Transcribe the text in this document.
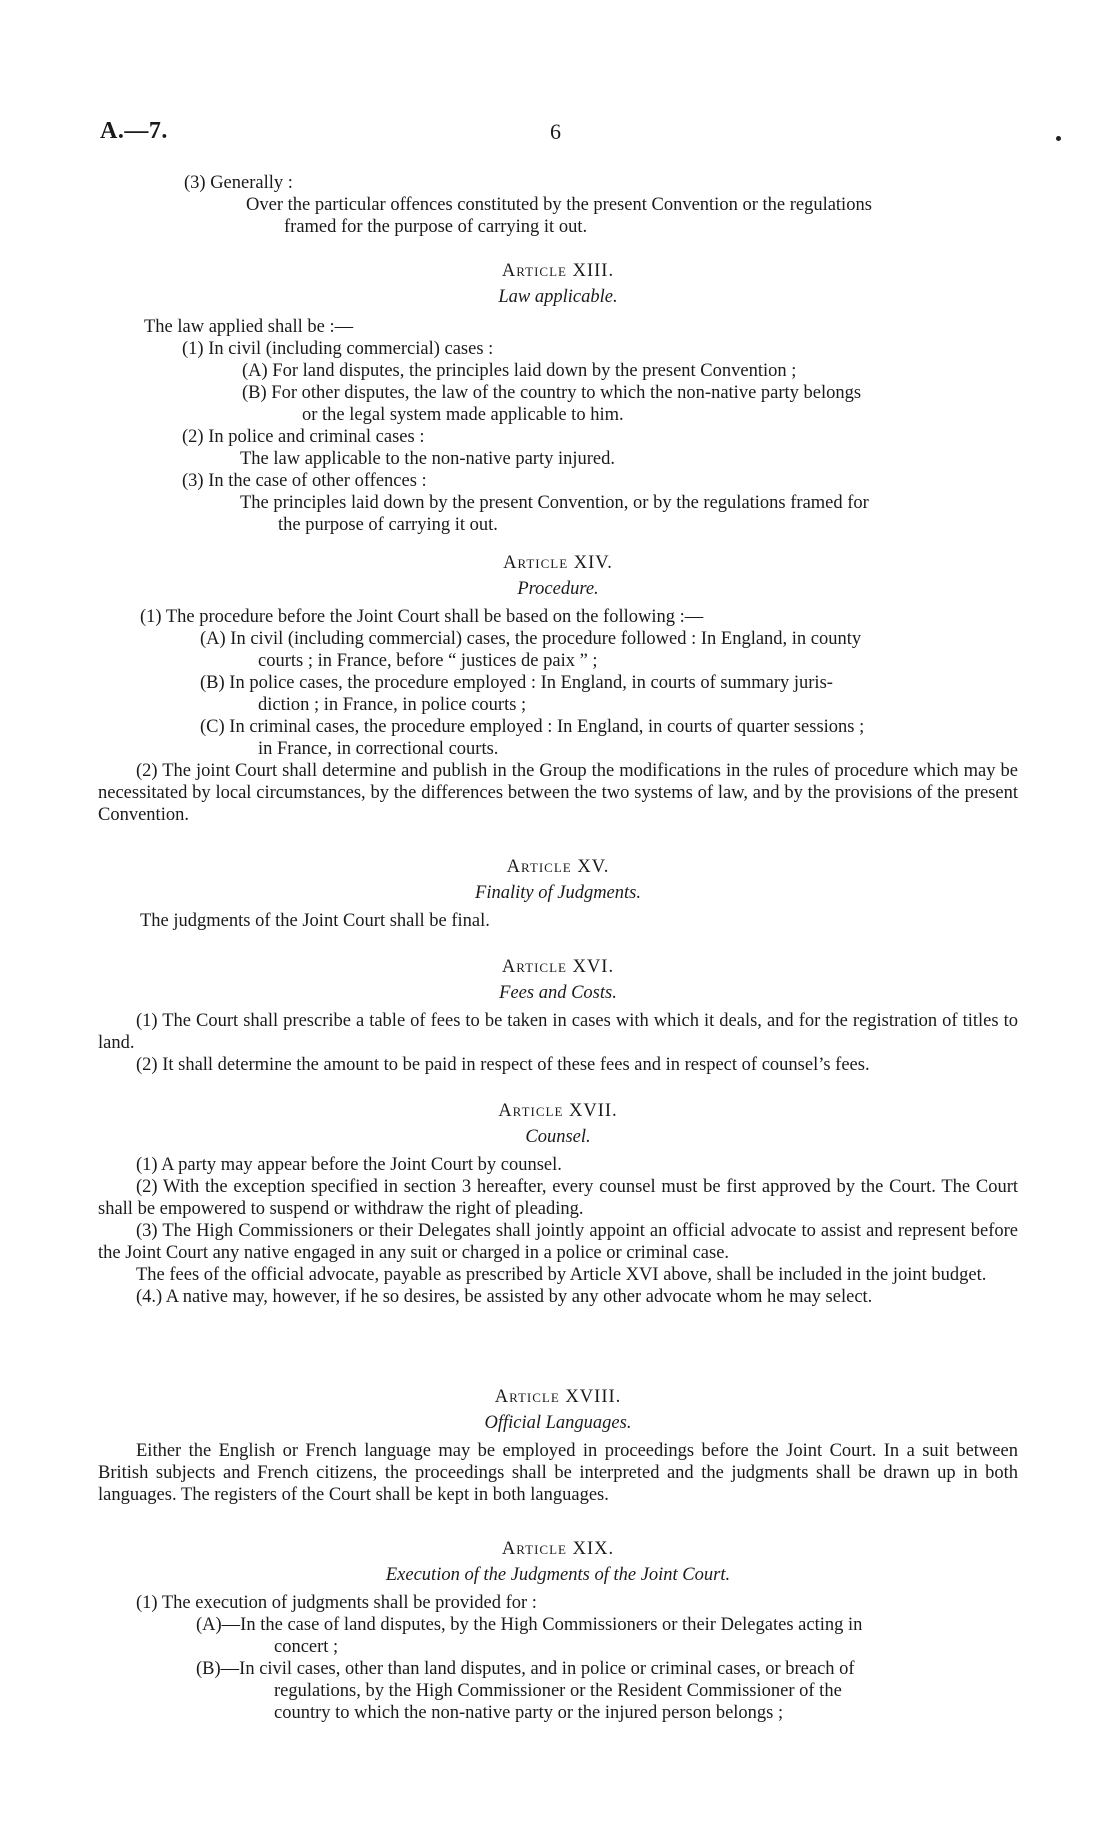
A.—7.	6
(3) Generally :
Over the particular offences constituted by the present Convention or the regulations
framed for the purpose of carrying it out.
Article XIII.
Law applicable.
The law applied shall be :—
(1) In civil (including commercial) cases :
(A) For land disputes, the principles laid down by the present Convention ;
(B) For other disputes, the law of the country to which the non-native party belongs
or the legal system made applicable to him.
(2) In police and criminal cases :
The law applicable to the non-native party injured.
(3) In the case of other offences :
The principles laid down by the present Convention, or by the regulations framed for
the purpose of carrying it out.
Article XIV.
Procedure.
(1) The procedure before the Joint Court shall be based on the following :—
(A) In civil (including commercial) cases, the procedure followed : In England, in county
courts ; in France, before “ justices de paix ” ;
(B) In police cases, the procedure employed : In England, in courts of summary juris-
diction ; in France, in police courts ;
(C) In criminal cases, the procedure employed : In England, in courts of quarter sessions ;
in France, in correctional courts.
(2) The joint Court shall determine and publish in the Group the modifications in the rules of procedure which may be necessitated by local circumstances, by the differences between the two systems of law, and by the provisions of the present Convention.
Article XV.
Finality of Judgments.
The judgments of the Joint Court shall be final.
Article XVI.
Fees and Costs.
(1) The Court shall prescribe a table of fees to be taken in cases with which it deals, and for the registration of titles to land.
(2) It shall determine the amount to be paid in respect of these fees and in respect of counsel’s fees.
Article XVII.
Counsel.
(1) A party may appear before the Joint Court by counsel.
(2) With the exception specified in section 3 hereafter, every counsel must be first approved by the Court. The Court shall be empowered to suspend or withdraw the right of pleading.
(3) The High Commissioners or their Delegates shall jointly appoint an official advocate to assist and represent before the Joint Court any native engaged in any suit or charged in a police or criminal case.
The fees of the official advocate, payable as prescribed by Article XVI above, shall be included in the joint budget.
(4.) A native may, however, if he so desires, be assisted by any other advocate whom he may select.
Article XVIII.
Official Languages.
Either the English or French language may be employed in proceedings before the Joint Court. In a suit between British subjects and French citizens, the proceedings shall be interpreted and the judgments shall be drawn up in both languages. The registers of the Court shall be kept in both languages.
Article XIX.
Execution of the Judgments of the Joint Court.
(1) The execution of judgments shall be provided for :
(A)—In the case of land disputes, by the High Commissioners or their Delegates acting in
concert ;
(B)—In civil cases, other than land disputes, and in police or criminal cases, or breach of
regulations, by the High Commissioner or the Resident Commissioner of the
country to which the non-native party or the injured person belongs ;
